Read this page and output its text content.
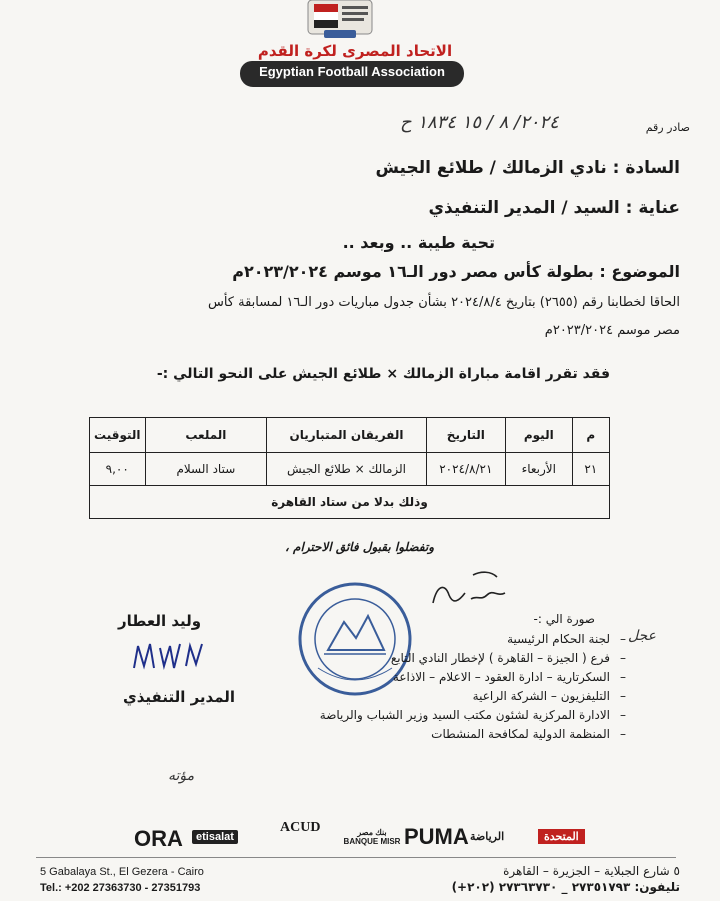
الاتحاد المصرى لكرة القدم
Egyptian Football Association
صادر رقم
٢٠٢٤/ ٨ / ١٥ ١٨٣٤ ح
السادة : نادي الزمالك / طلائع الجيش
عناية : السيد / المدير التنفيذي
تحية طيبة .. وبعد ..
الموضوع : بطولة كأس مصر دور الـ١٦ موسم ٢٠٢٣/٢٠٢٤م
الحاقا لخطابنا رقم (٢٦٥٥) بتاريخ ٢٠٢٤/٨/٤ بشأن جدول مباريات دور الـ١٦ لمسابقة كأس
مصر موسم ٢٠٢٣/٢٠٢٤م
فقد تقرر اقامة مباراة الزمالك × طلائع الجيش على النحو التالي :-
م	اليوم	التاريخ	الفريقان المتباريان	الملعب	التوقيت
٢١	الأربعاء	٢٠٢٤/٨/٢١	الزمالك × طلائع الجيش	ستاد السلام	٩,٠٠
وذلك بدلا من ستاد القاهرة					
وتفضلوا بقبول فائق الاحترام ،
صورة الي :-
– لجنة الحكام الرئيسية
– فرع ( الجيزة – القاهرة ) لإخطار النادي التابع
– السكرتارية – ادارة العقود – الاعلام – الاذاعة
– التليفزيون – الشركة الراعية
– الادارة المركزية لشئون مكتب السيد وزير الشباب والرياضة
– المنظمة الدولية لمكافحة المنشطات
عجل
وليد العطار
المدير التنفيذي
مؤته
ORA	etisalat
ACUD	بنك مصر BANQUE MISR PUMA الرياضة	المتحدة
5 Gabalaya St., El Gezera - Cairo
Tel.: +202 27363730 - 27351793
٥ شارع الجبلاية – الجزيرة – القاهرة
تليفون: ٢٧٣٥١٧٩٣ _ ٢٧٣٦٣٧٣٠ (٢٠٢+)
